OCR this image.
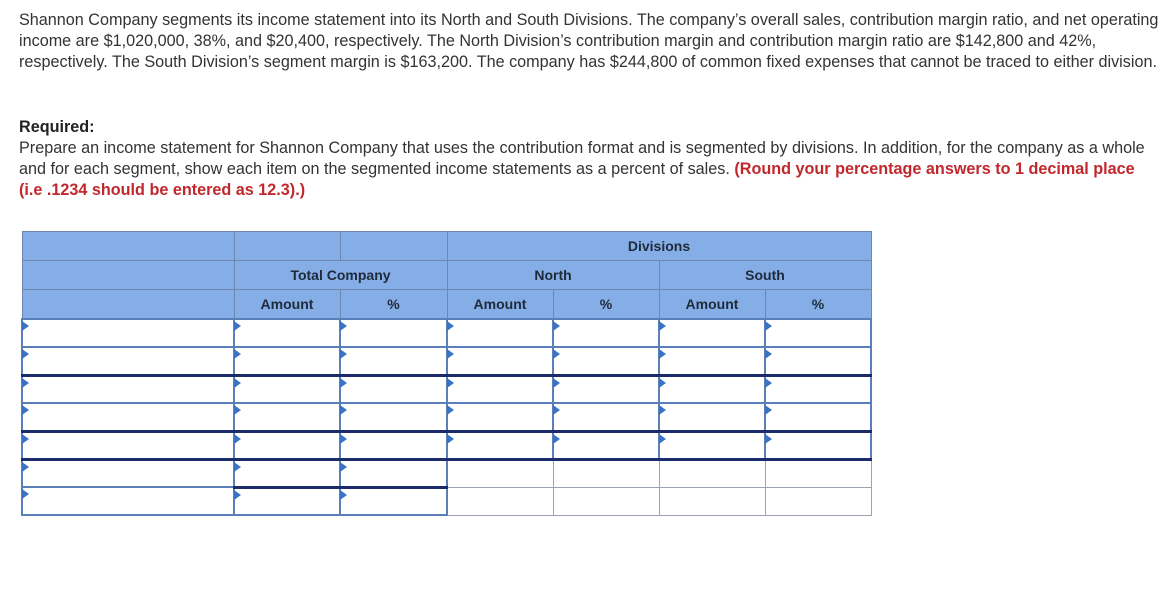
Shannon Company segments its income statement into its North and South Divisions. The company’s overall sales, contribution margin ratio, and net operating income are $1,020,000, 38%, and $20,400, respectively. The North Division’s contribution margin and contribution margin ratio are $142,800 and 42%, respectively. The South Division’s segment margin is $163,200. The company has $244,800 of common fixed expenses that cannot be traced to either division.

Required:
Prepare an income statement for Shannon Company that uses the contribution format and is segmented by divisions. In addition, for the company as a whole and for each segment, show each item on the segmented income statements as a percent of sales. (Round your percentage answers to 1 decimal place (i.e .1234 should be entered as 12.3).)

			Divisions			

	Total Company		North		South	

	Amount	%	Amount	%	Amount	%
